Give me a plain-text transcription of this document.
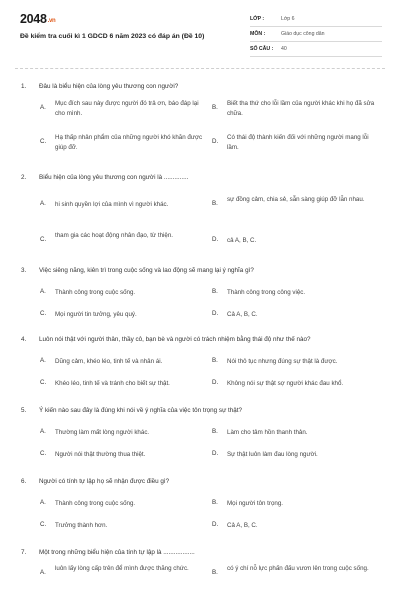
2048.vn
Đề kiểm tra cuối kì 1 GDCD 6 năm 2023 có đáp án (Đề 10)
LỚP :	Lớp 6
MÔN :	Giáo dục công dân
SỐ CÂU :	40
1. Đâu là biểu hiện của lòng yêu thương con người?
A.
Mục đích sau này được người đó trả ơn, báo đáp lại cho mình.
B.
Biết tha thứ cho lỗi lầm của người khác khi họ đã sửa chữa.
C.
Hạ thấp nhân phẩm của những người khó khăn được giúp đỡ.
D.
Có thái độ thành kiến đối với những người mang lỗi lầm.
2. Biểu hiện của lòng yêu thương con người là ..............
A. hi sinh quyền lợi của mình vì người khác.	B.
sự đồng cảm, chia sẻ, sẵn sàng giúp đỡ lẫn nhau.
C.
tham gia các hoạt động nhân đạo, từ thiện.
D. cả A, B, C.
3. Việc siêng năng, kiên trì trong cuộc sống và lao động sẽ mang lại ý nghĩa gì?
A. Thành công trong cuộc sống.	B. Thành công trong công việc.
C. Mọi người tin tưởng, yêu quý.	D. Cả A, B, C.
4. Luôn nói thật với người thân, thầy cô, bạn bè và người có trách nhiệm bằng thái độ như thế nào?
A. Dũng cảm, khéo léo, tinh tế và nhân ái.	B. Nói thô tục nhưng đúng sự thật là được.
C. Khéo léo, tinh tế và tránh cho biết sự thật.	D. Không nói sự thật sợ người khác đau khổ.
5. Ý kiến nào sau đây là đúng khi nói về ý nghĩa của việc tôn trọng sự thật?
A. Thường làm mất lòng người khác.	B. Làm cho tâm hồn thanh thản.
C. Người nói thật thường thua thiệt.	D. Sự thật luôn làm đau lòng người.
6. Người có tính tự lập họ sẽ nhận được điều gì?
A. Thành công trong cuộc sống.	B. Mọi người tôn trọng.
C. Trưởng thành hơn.	D. Cả A, B, C.
7. Một trong những biểu hiện của tính tự lập là ..................
A.
luôn lấy lòng cấp trên để mình được thăng chức.
B.
có ý chí nỗ lực phấn đấu vươn lên trong cuộc sống.
